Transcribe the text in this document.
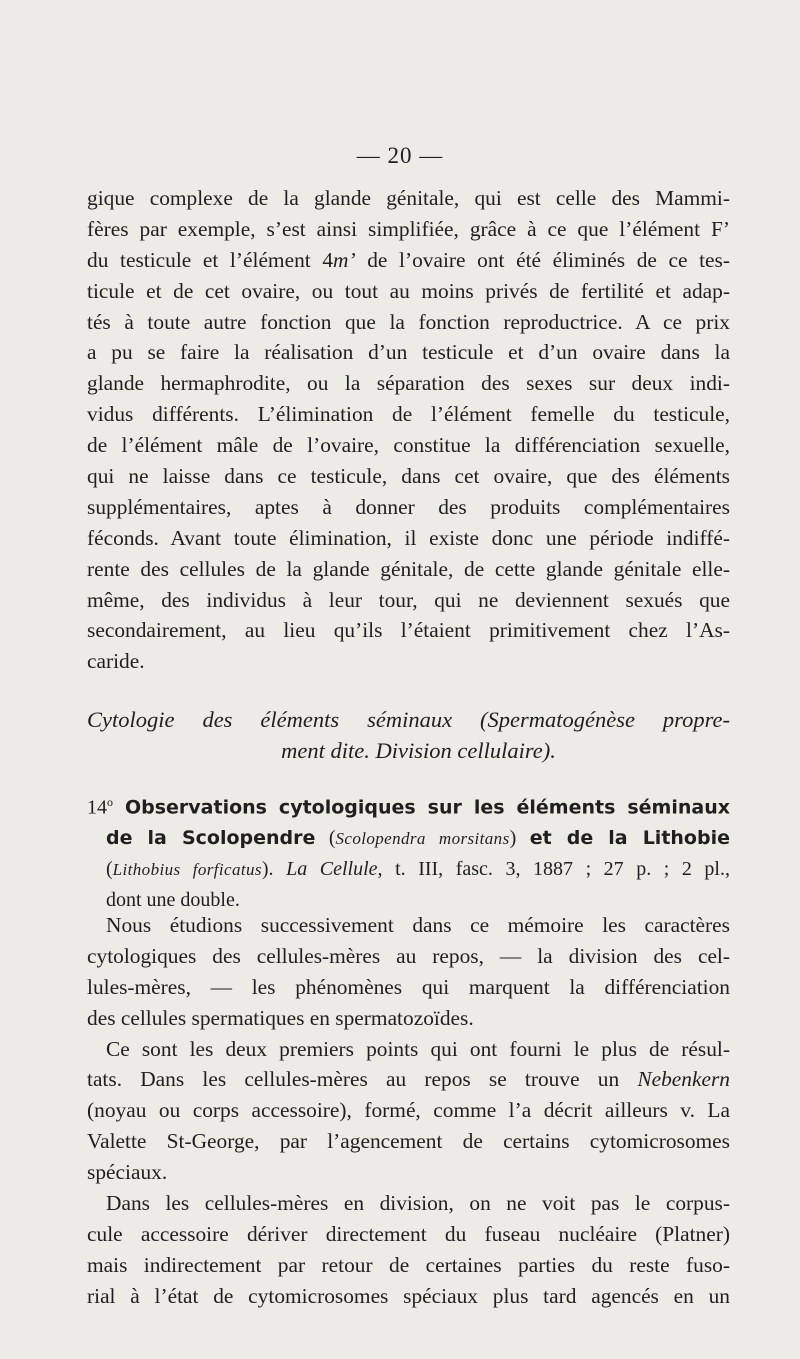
— 20 —
gique complexe de la glande génitale, qui est celle des Mammi-
fères par exemple, s’est ainsi simplifiée, grâce à ce que l’élément F’
du testicule et l’élément 4m’ de l’ovaire ont été éliminés de ce tes-
ticule et de cet ovaire, ou tout au moins privés de fertilité et adap-
tés à toute autre fonction que la fonction reproductrice. A ce prix
a pu se faire la réalisation d’un testicule et d’un ovaire dans la
glande hermaphrodite, ou la séparation des sexes sur deux indi-
vidus différents. L’élimination de l’élément femelle du testicule,
de l’élément mâle de l’ovaire, constitue la différenciation sexuelle,
qui ne laisse dans ce testicule, dans cet ovaire, que des éléments
supplémentaires, aptes à donner des produits complémentaires
féconds. Avant toute élimination, il existe donc une période indiffé-
rente des cellules de la glande génitale, de cette glande génitale elle-
même, des individus à leur tour, qui ne deviennent sexués que
secondairement, au lieu qu’ils l’étaient primitivement chez l’As-
caride.
Cytologie des éléments séminaux (Spermatogénèse propre-
ment dite. Division cellulaire).
14$^o$ Observations cytologiques sur les éléments séminaux
de la Scolopendre (Scolopendra morsitans) et de la Lithobie
(Lithobius forficatus). La Cellule, t. III, fasc. 3, 1887 ; 27 p. ; 2 pl.,
dont une double.
Nous étudions successivement dans ce mémoire les caractères
cytologiques des cellules-mères au repos, — la division des cel-
lules-mères, — les phénomènes qui marquent la différenciation
des cellules spermatiques en spermatozoïdes.
Ce sont les deux premiers points qui ont fourni le plus de résul-
tats. Dans les cellules-mères au repos se trouve un Nebenkern
(noyau ou corps accessoire), formé, comme l’a décrit ailleurs v. La
Valette St-George, par l’agencement de certains cytomicrosomes
spéciaux.
Dans les cellules-mères en division, on ne voit pas le corpus-
cule accessoire dériver directement du fuseau nucléaire (Platner)
mais indirectement par retour de certaines parties du reste fuso-
rial à l’état de cytomicrosomes spéciaux plus tard agencés en un
